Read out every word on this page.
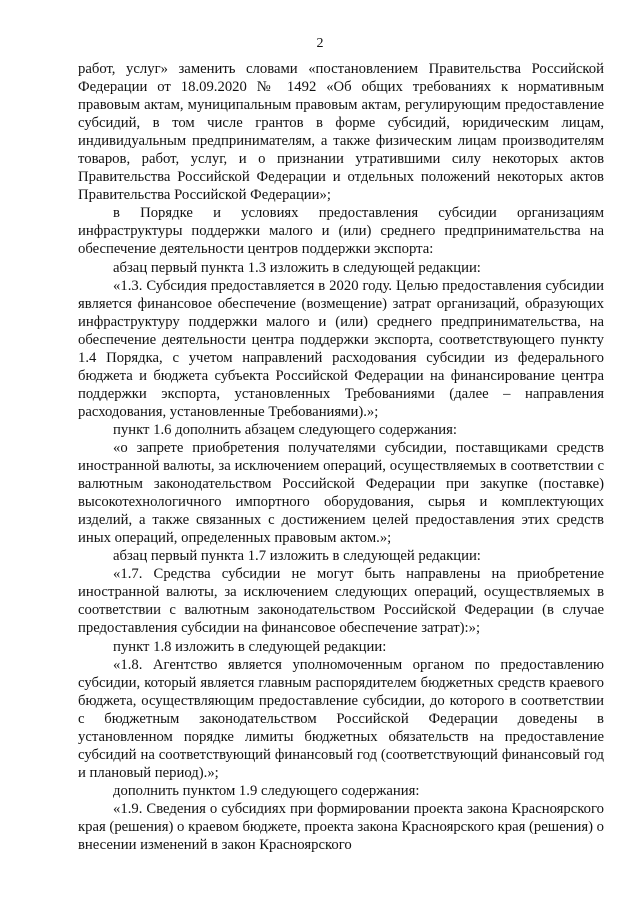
2

работ, услуг» заменить словами «постановлением Правительства Российской Федерации от 18.09.2020 № 1492 «Об общих требованиях к нормативным правовым актам, муниципальным правовым актам, регулирующим предоставление субсидий, в том числе грантов в форме субсидий, юридическим лицам, индивидуальным предпринимателям, а также физическим лицам производителям товаров, работ, услуг, и о признании утратившими силу некоторых актов Правительства Российской Федерации и отдельных положений некоторых актов Правительства Российской Федерации»;

в Порядке и условиях предоставления субсидии организациям инфраструктуры поддержки малого и (или) среднего предпринимательства на обеспечение деятельности центров поддержки экспорта:

абзац первый пункта 1.3 изложить в следующей редакции:

«1.3. Субсидия предоставляется в 2020 году. Целью предоставления субсидии является финансовое обеспечение (возмещение) затрат организаций, образующих инфраструктуру поддержки малого и (или) среднего предпринимательства, на обеспечение деятельности центра поддержки экспорта, соответствующего пункту 1.4 Порядка, с учетом направлений расходования субсидии из федерального бюджета и бюджета субъекта Российской Федерации на финансирование центра поддержки экспорта, установленных Требованиями (далее – направления расходования, установленные Требованиями).»;

пункт 1.6 дополнить абзацем следующего содержания:

«о запрете приобретения получателями субсидии, поставщиками средств иностранной валюты, за исключением операций, осуществляемых в соответствии с валютным законодательством Российской Федерации при закупке (поставке) высокотехнологичного импортного оборудования, сырья и комплектующих изделий, а также связанных с достижением целей предоставления этих средств иных операций, определенных правовым актом.»;

абзац первый пункта 1.7 изложить в следующей редакции:

«1.7. Средства субсидии не могут быть направлены на приобретение иностранной валюты, за исключением следующих операций, осуществляемых в соответствии с валютным законодательством Российской Федерации (в случае предоставления субсидии на финансовое обеспечение затрат):»;

пункт 1.8 изложить в следующей редакции:

«1.8. Агентство является уполномоченным органом по предоставлению субсидии, который является главным распорядителем бюджетных средств краевого бюджета, осуществляющим предоставление субсидии, до которого в соответствии с бюджетным законодательством Российской Федерации доведены в установленном порядке лимиты бюджетных обязательств на предоставление субсидий на соответствующий финансовый год (соответствующий финансовый год и плановый период).»;

дополнить пунктом 1.9 следующего содержания:

«1.9. Сведения о субсидиях при формировании проекта закона Красноярского края (решения) о краевом бюджете, проекта закона Красноярского края (решения) о внесении изменений в закон Красноярского
